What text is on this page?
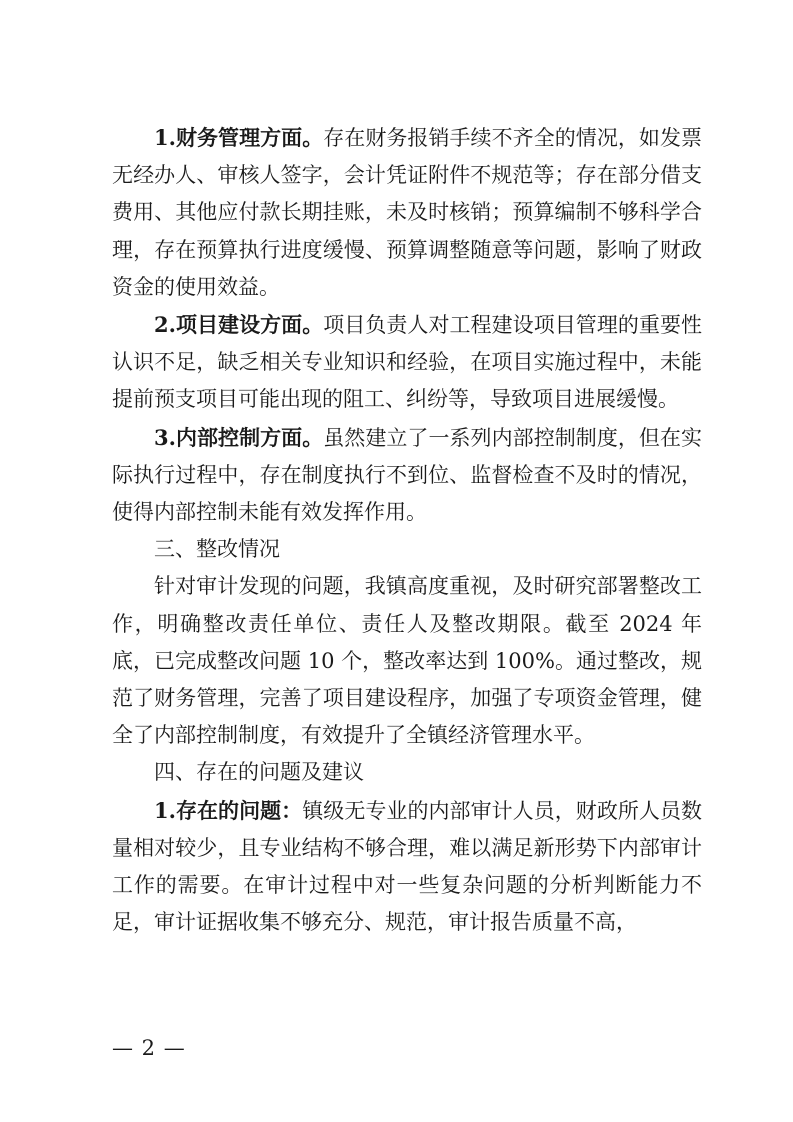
1.财务管理方面。存在财务报销手续不齐全的情况，如发票无经办人、审核人签字，会计凭证附件不规范等；存在部分借支费用、其他应付款长期挂账，未及时核销；预算编制不够科学合理，存在预算执行进度缓慢、预算调整随意等问题，影响了财政资金的使用效益。

2.项目建设方面。项目负责人对工程建设项目管理的重要性认识不足，缺乏相关专业知识和经验，在项目实施过程中，未能提前预支项目可能出现的阻工、纠纷等，导致项目进展缓慢。

3.内部控制方面。虽然建立了一系列内部控制制度，但在实际执行过程中，存在制度执行不到位、监督检查不及时的情况，使得内部控制未能有效发挥作用。

三、整改情况

针对审计发现的问题，我镇高度重视，及时研究部署整改工作，明确整改责任单位、责任人及整改期限。截至 2024 年底，已完成整改问题 10 个，整改率达到 100%。通过整改，规范了财务管理，完善了项目建设程序，加强了专项资金管理，健全了内部控制制度，有效提升了全镇经济管理水平。

四、存在的问题及建议

1.存在的问题：镇级无专业的内部审计人员，财政所人员数量相对较少，且专业结构不够合理，难以满足新形势下内部审计工作的需要。在审计过程中对一些复杂问题的分析判断能力不足，审计证据收集不够充分、规范，审计报告质量不高，

— 2 —
